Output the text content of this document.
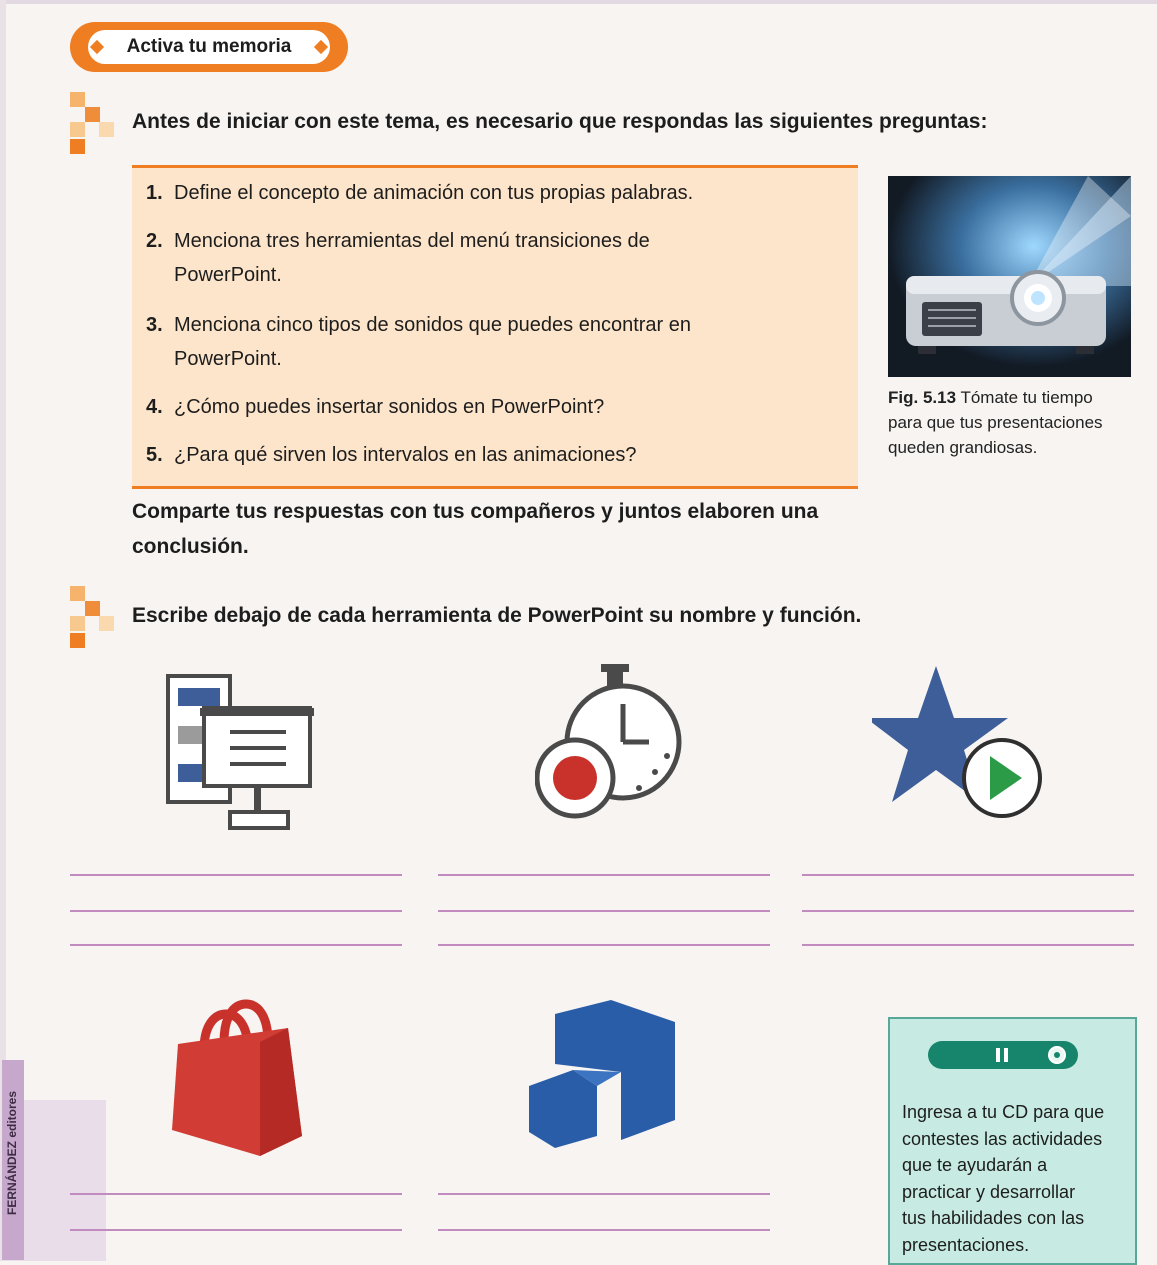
Activa tu memoria
Antes de iniciar con este tema, es necesario que respondas las siguientes preguntas:
1. Define el concepto de animación con tus propias palabras.
2. Menciona tres herramientas del menú transiciones de
PowerPoint.
3. Menciona cinco tipos de sonidos que puedes encontrar en
PowerPoint.
4. ¿Cómo puedes insertar sonidos en PowerPoint?
5. ¿Para qué sirven los intervalos en las animaciones?
Fig. 5.13 Tómate tu tiempo
para que tus presentaciones
queden grandiosas.
Comparte tus respuestas con tus compañeros y juntos elaboren una
conclusión.
Escribe debajo de cada herramienta de PowerPoint su nombre y función.
Ingresa a tu CD para que
contestes las actividades
que te ayudarán a
practicar y desarrollar
tus habilidades con las
presentaciones.
FERNÁNDEZ editores
